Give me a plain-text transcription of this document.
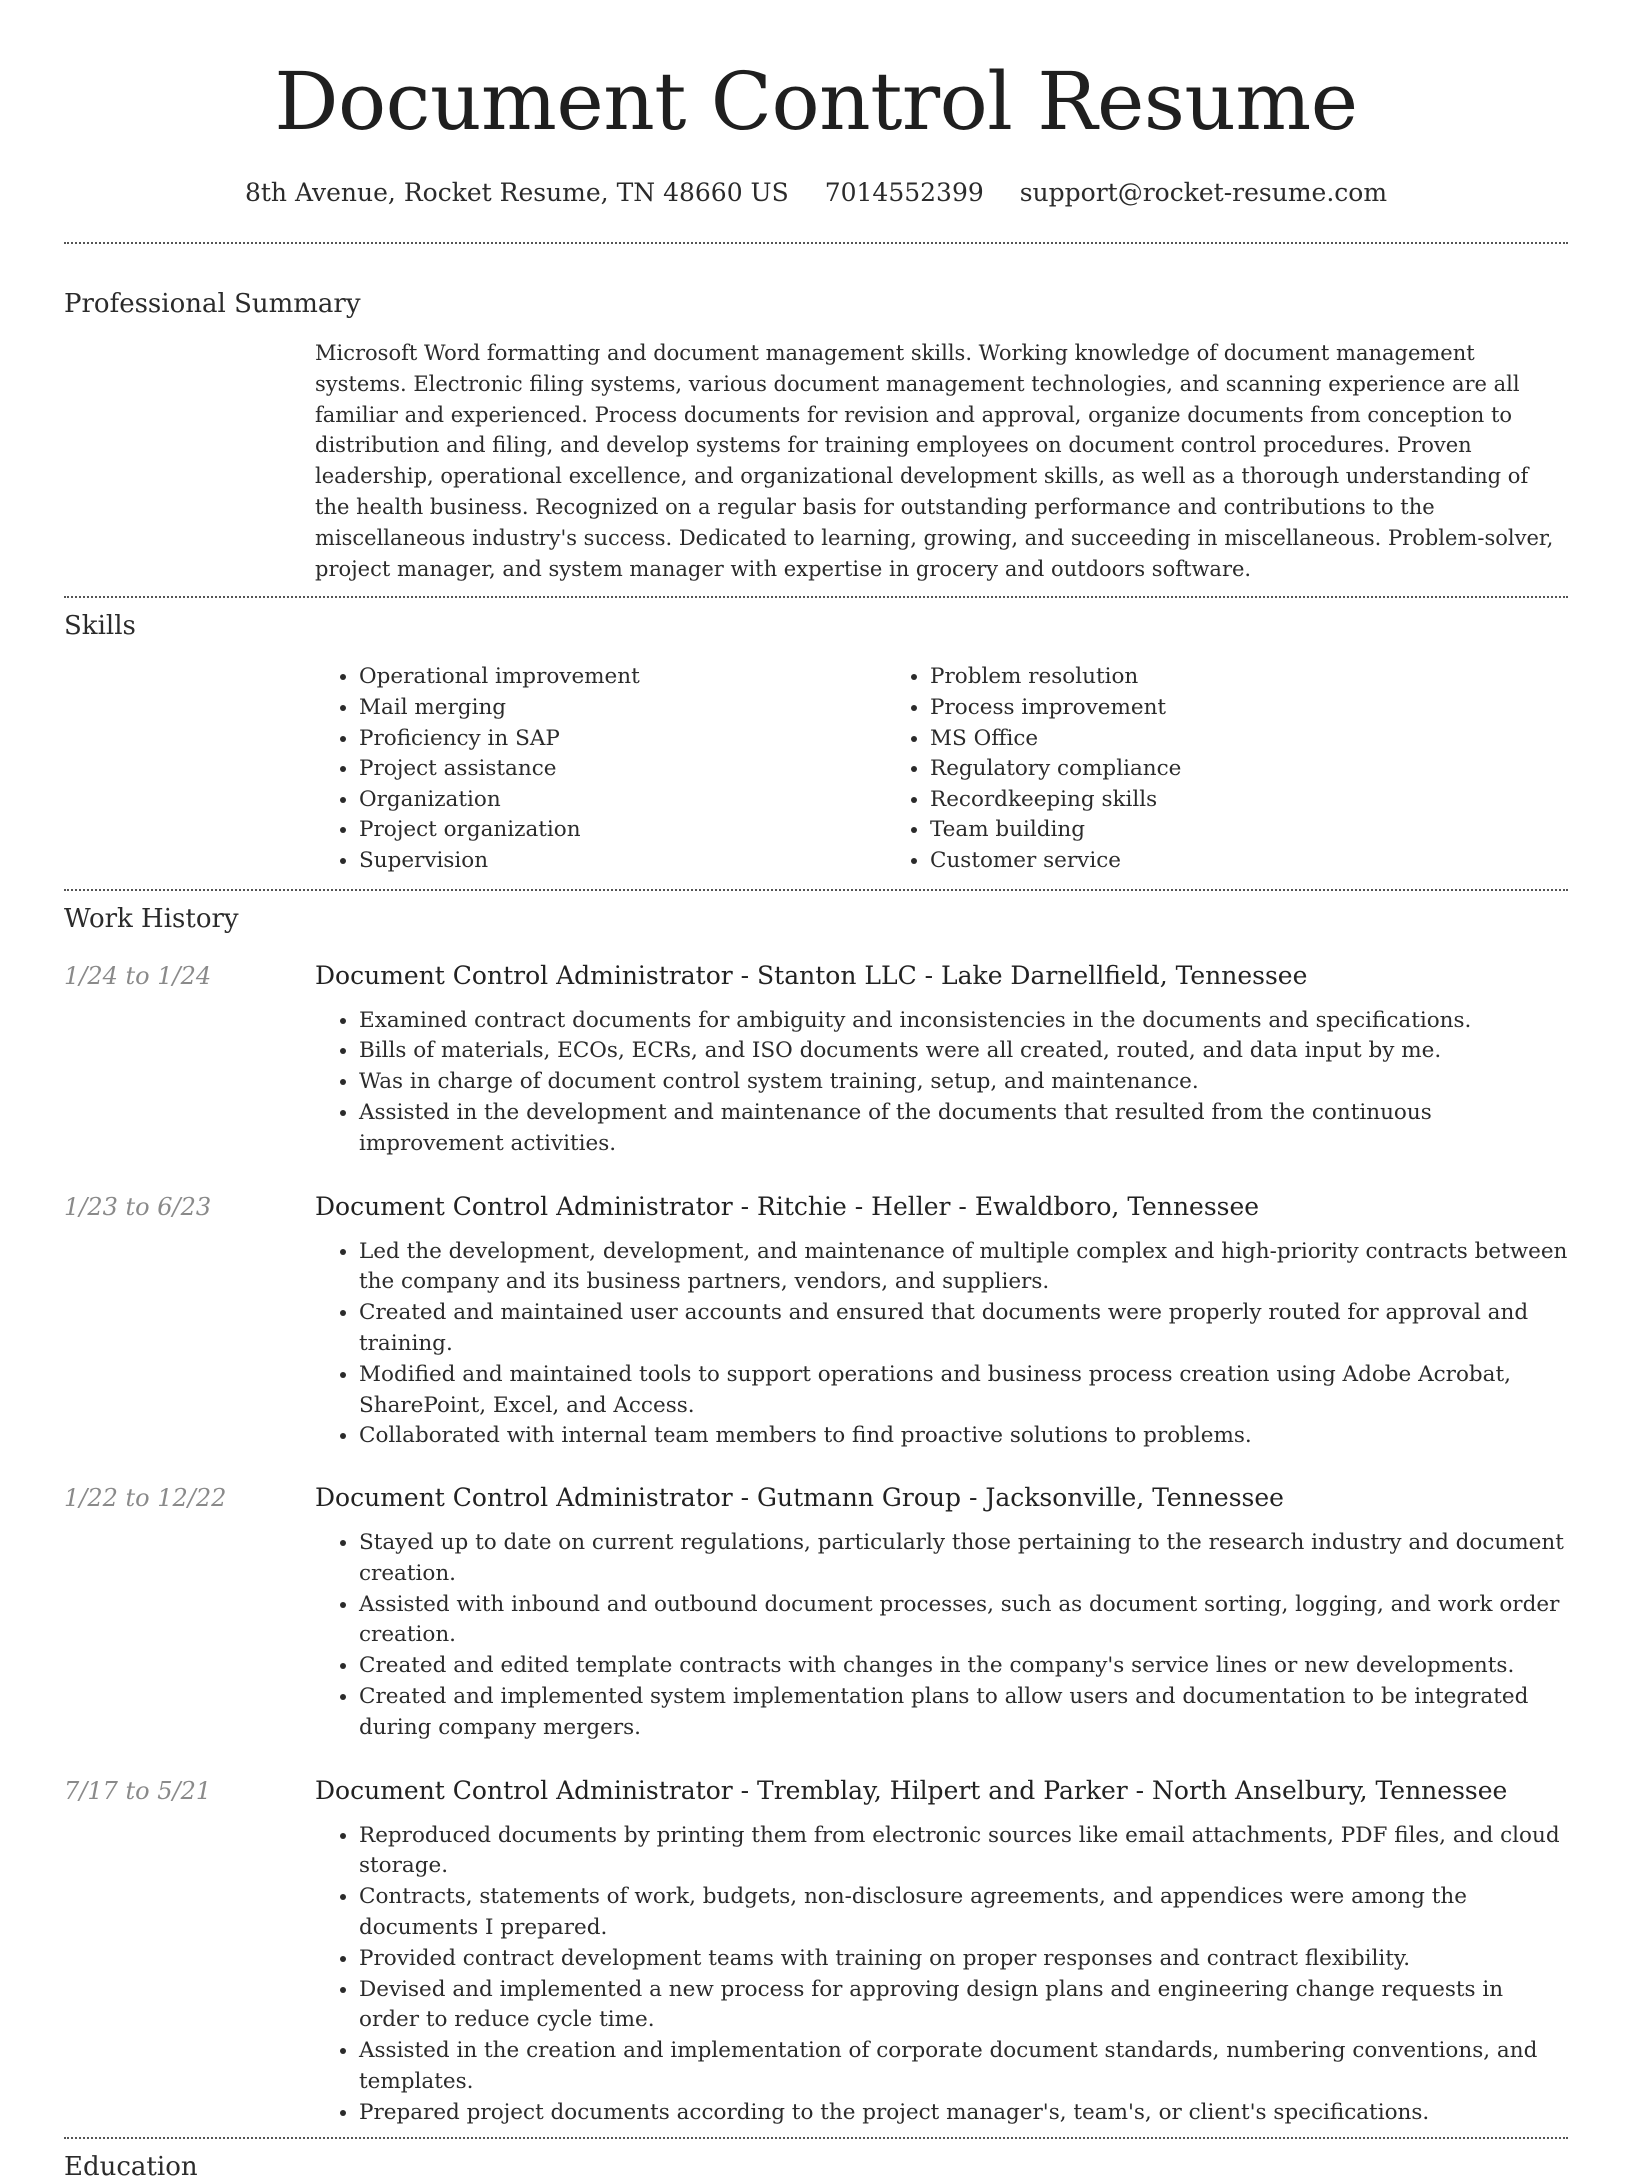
Document Control Resume
8th Avenue, Rocket Resume, TN 48660 US 7014552399 support@rocket-resume.com
Professional Summary

Microsoft Word formatting and document management skills. Working knowledge of document management systems. Electronic filing systems, various document management technologies, and scanning experience are all familiar and experienced. Process documents for revision and approval, organize documents from conception to distribution and filing, and develop systems for training employees on document control procedures. Proven leadership, operational excellence, and organizational development skills, as well as a thorough understanding of the health business. Recognized on a regular basis for outstanding performance and contributions to the miscellaneous industry's success. Dedicated to learning, growing, and succeeding in miscellaneous. Problem-solver, project manager, and system manager with expertise in grocery and outdoors software.

Skills
• Operational improvement
• Mail merging
• Proficiency in SAP
• Project assistance
• Organization
• Project organization
• Supervision
• Problem resolution
• Process improvement
• MS Office
• Regulatory compliance
• Recordkeeping skills
• Team building
• Customer service
Work History
1/24 to 1/24	Document Control Administrator - Stanton LLC - Lake Darnellfield, Tennessee
• Examined contract documents for ambiguity and inconsistencies in the documents and specifications.
• Bills of materials, ECOs, ECRs, and ISO documents were all created, routed, and data input by me.
• Was in charge of document control system training, setup, and maintenance.
• Assisted in the development and maintenance of the documents that resulted from the continuous improvement activities.
1/23 to 6/23	Document Control Administrator - Ritchie - Heller - Ewaldboro, Tennessee
• Led the development, development, and maintenance of multiple complex and high-priority contracts between the company and its business partners, vendors, and suppliers.
• Created and maintained user accounts and ensured that documents were properly routed for approval and training.
• Modified and maintained tools to support operations and business process creation using Adobe Acrobat, SharePoint, Excel, and Access.
• Collaborated with internal team members to find proactive solutions to problems.
1/22 to 12/22	Document Control Administrator - Gutmann Group - Jacksonville, Tennessee
• Stayed up to date on current regulations, particularly those pertaining to the research industry and document creation.
• Assisted with inbound and outbound document processes, such as document sorting, logging, and work order creation.
• Created and edited template contracts with changes in the company's service lines or new developments.
• Created and implemented system implementation plans to allow users and documentation to be integrated during company mergers.
7/17 to 5/21	Document Control Administrator - Tremblay, Hilpert and Parker - North Anselbury, Tennessee
• Reproduced documents by printing them from electronic sources like email attachments, PDF files, and cloud storage.
• Contracts, statements of work, budgets, non-disclosure agreements, and appendices were among the documents I prepared.
• Provided contract development teams with training on proper responses and contract flexibility.
• Devised and implemented a new process for approving design plans and engineering change requests in order to reduce cycle time.
• Assisted in the creation and implementation of corporate document standards, numbering conventions, and templates.
• Prepared project documents according to the project manager's, team's, or client's specifications.
Education
